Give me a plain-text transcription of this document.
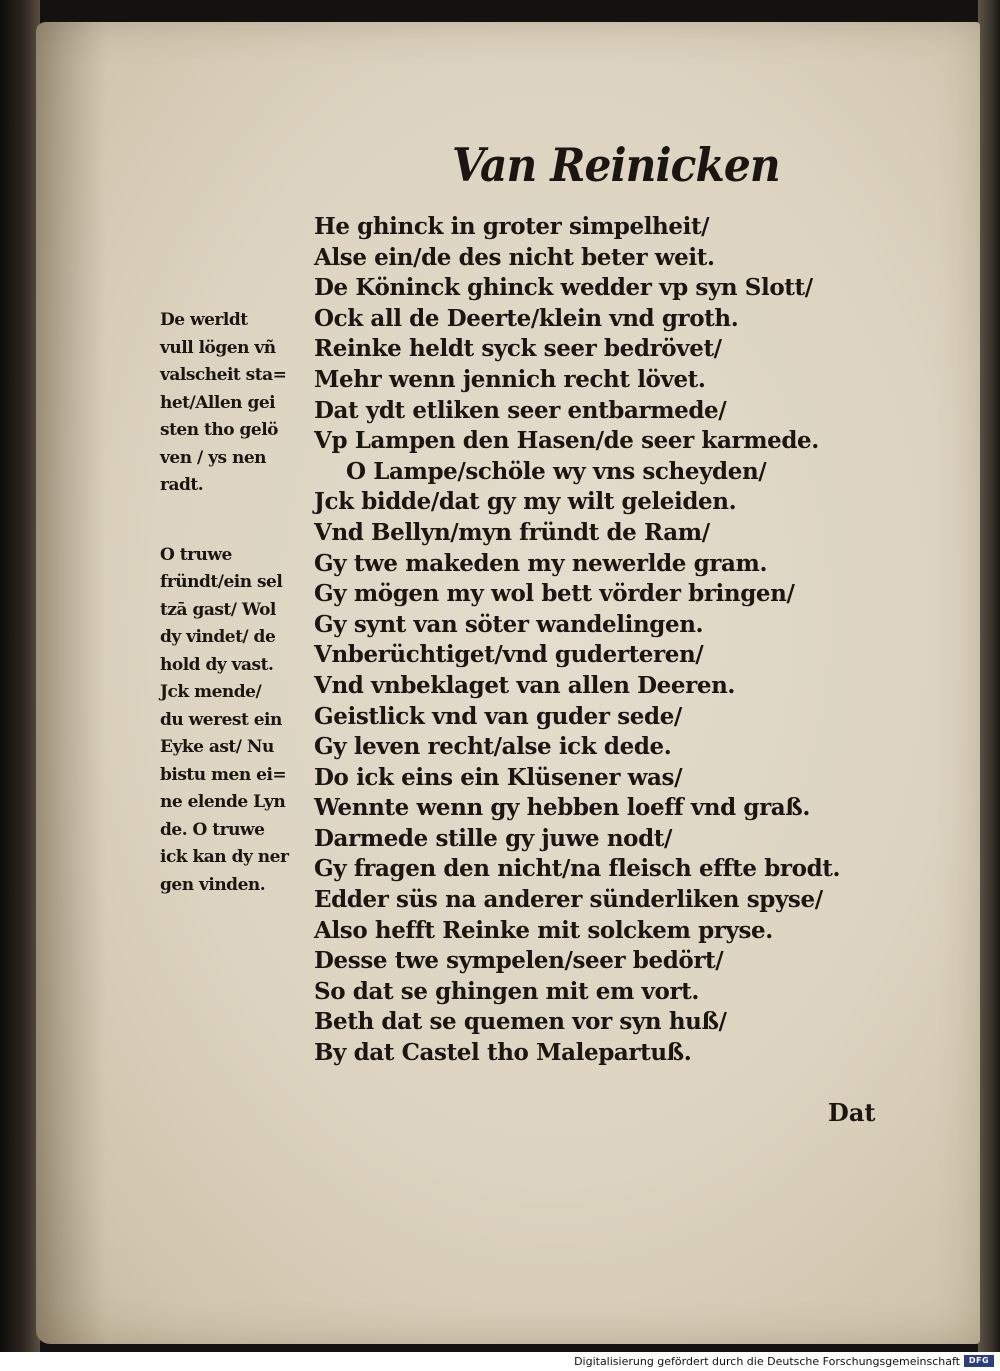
Van Reinicken
He ghinck in groter simpelheit/
Alse ein/de des nicht beter weit.
De Köninck ghinck wedder vp syn Slott/
Ock all de Deerte/klein vnd groth.
Reinke heldt syck seer bedrövet/
Mehr wenn jennich recht lövet.
Dat ydt etliken seer entbarmede/
Vp Lampen den Hasen/de seer karmede.
O Lampe/schöle wy vns scheyden/
Jck bidde/dat gy my wilt geleiden.
Vnd Bellyn/myn fründt de Ram/
Gy twe makeden my newerlde gram.
Gy mögen my wol bett vörder bringen/
Gy synt van söter wandelingen.
Vnberüchtiget/vnd guderteren/
Vnd vnbeklaget van allen Deeren.
Geistlick vnd van guder sede/
Gy leven recht/alse ick dede.
Do ick eins ein Klüsener was/
Wennte wenn gy hebben loeff vnd graß.
Darmede stille gy juwe nodt/
Gy fragen den nicht/na fleisch effte brodt.
Edder süs na anderer sünderliken spyse/
Also hefft Reinke mit solckem pryse.
Desse twe sympelen/seer bedört/
So dat se ghingen mit em vort.
Beth dat se quemen vor syn huß/
By dat Castel tho Malepartuß.
De werldt
vull lögen vñ
valscheit sta=
het/Allen gei
sten tho gelö
ven / ys nen
radt.
O truwe
fründt/ein sel
tzā gast/ Wol
dy vindet/ de
hold dy vast.
Jck mende/
du werest ein
Eyke ast/ Nu
bistu men ei=
ne elende Lyn
de. O truwe
ick kan dy ner
gen vinden.
Dat
Digitalisierung gefördert durch die Deutsche Forschungsgemeinschaft	DFG
